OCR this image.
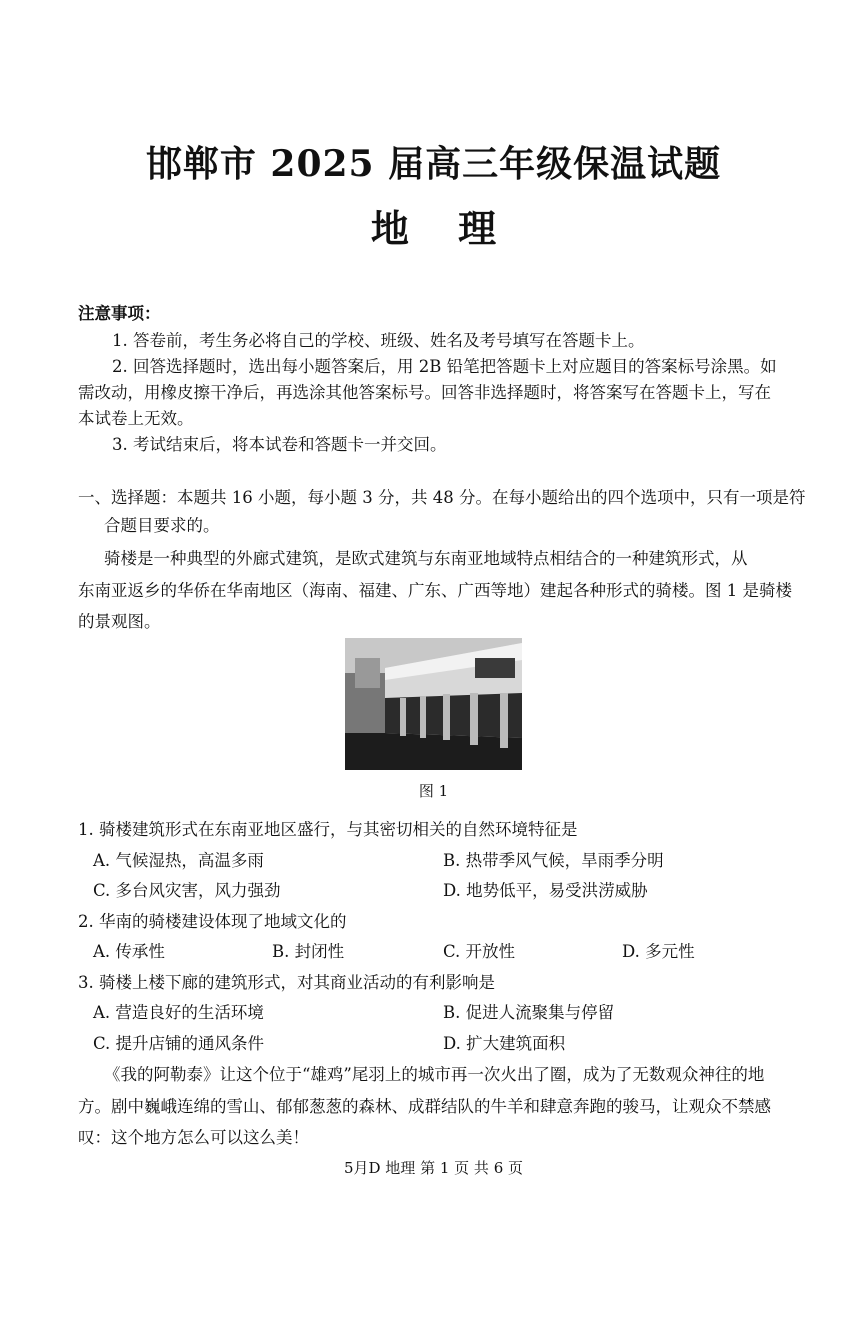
邯郸市 2025 届高三年级保温试题
地 理
注意事项：
1. 答卷前，考生务必将自己的学校、班级、姓名及考号填写在答题卡上。
2. 回答选择题时，选出每小题答案后，用 2B 铅笔把答题卡上对应题目的答案标号涂黑。如
需改动，用橡皮擦干净后，再选涂其他答案标号。回答非选择题时，将答案写在答题卡上，写在
本试卷上无效。
3. 考试结束后，将本试卷和答题卡一并交回。
一、选择题：本题共 16 小题，每小题 3 分，共 48 分。在每小题给出的四个选项中，只有一项是符
合题目要求的。
骑楼是一种典型的外廊式建筑，是欧式建筑与东南亚地域特点相结合的一种建筑形式，从
东南亚返乡的华侨在华南地区（海南、福建、广东、广西等地）建起各种形式的骑楼。图 1 是骑楼
的景观图。
图 1
1. 骑楼建筑形式在东南亚地区盛行，与其密切相关的自然环境特征是
A. 气候湿热，高温多雨	B. 热带季风气候，旱雨季分明
C. 多台风灾害，风力强劲	D. 地势低平，易受洪涝威胁
2. 华南的骑楼建设体现了地域文化的
A. 传承性	B. 封闭性	C. 开放性	D. 多元性
3. 骑楼上楼下廊的建筑形式，对其商业活动的有利影响是
A. 营造良好的生活环境	B. 促进人流聚集与停留
C. 提升店铺的通风条件	D. 扩大建筑面积
《我的阿勒泰》让这个位于“雄鸡”尾羽上的城市再一次火出了圈，成为了无数观众神往的地
方。剧中巍峨连绵的雪山、郁郁葱葱的森林、成群结队的牛羊和肆意奔跑的骏马，让观众不禁感
叹：这个地方怎么可以这么美！
5月D 地理 第 1 页 共 6 页
